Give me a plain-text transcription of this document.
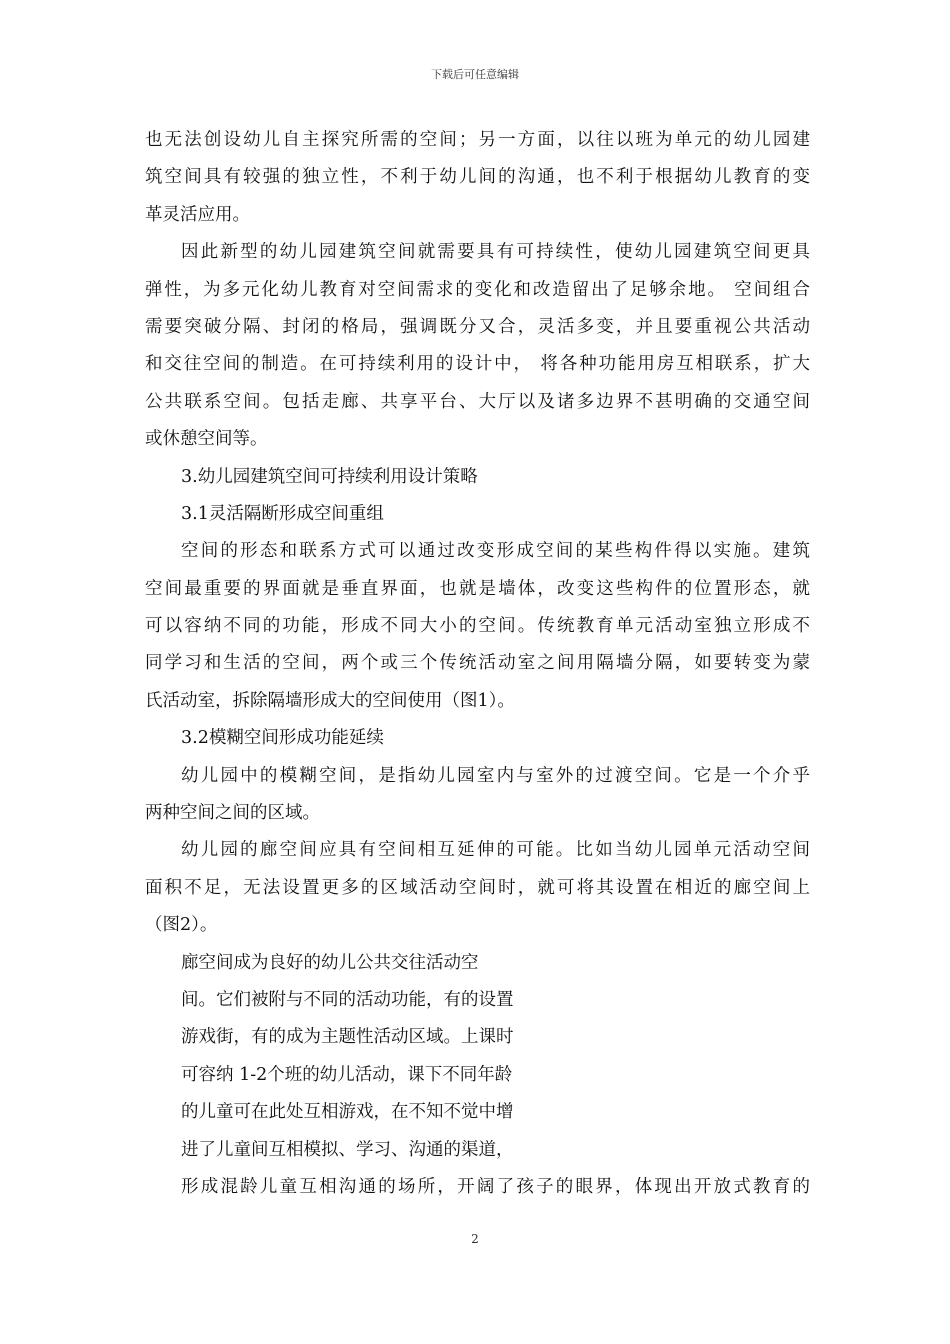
下载后可任意编辑
也无法创设幼儿自主探究所需的空间；另一方面，以往以班为单元的幼儿园建
筑空间具有较强的独立性，不利于幼儿间的沟通，也不利于根据幼儿教育的变
革灵活应用。
因此新型的幼儿园建筑空间就需要具有可持续性，使幼儿园建筑空间更具
弹性，为多元化幼儿教育对空间需求的变化和改造留出了足够余地。 空间组合
需要突破分隔、封闭的格局，强调既分又合，灵活多变，并且要重视公共活动
和交往空间的制造。在可持续利用的设计中， 将各种功能用房互相联系，扩大
公共联系空间。包括走廊、共享平台、大厅以及诸多边界不甚明确的交通空间
或休憩空间等。
3.幼儿园建筑空间可持续利用设计策略
3.1灵活隔断形成空间重组
空间的形态和联系方式可以通过改变形成空间的某些构件得以实施。建筑
空间最重要的界面就是垂直界面，也就是墙体，改变这些构件的位置形态，就
可以容纳不同的功能，形成不同大小的空间。传统教育单元活动室独立形成不
同学习和生活的空间，两个或三个传统活动室之间用隔墙分隔，如要转变为蒙
氏活动室，拆除隔墙形成大的空间使用（图1）。
3.2模糊空间形成功能延续
幼儿园中的模糊空间，是指幼儿园室内与室外的过渡空间。它是一个介乎
两种空间之间的区域。
幼儿园的廊空间应具有空间相互延伸的可能。比如当幼儿园单元活动空间
面积不足，无法设置更多的区域活动空间时，就可将其设置在相近的廊空间上
（图2）。
廊空间成为良好的幼儿公共交往活动空
间。它们被附与不同的活动功能，有的设置
游戏街，有的成为主题性活动区域。上课时
可容纳 1-2个班的幼儿活动，课下不同年龄
的儿童可在此处互相游戏，在不知不觉中增
进了儿童间互相模拟、学习、沟通的渠道，
形成混龄儿童互相沟通的场所，开阔了孩子的眼界，体现出开放式教育的
2
